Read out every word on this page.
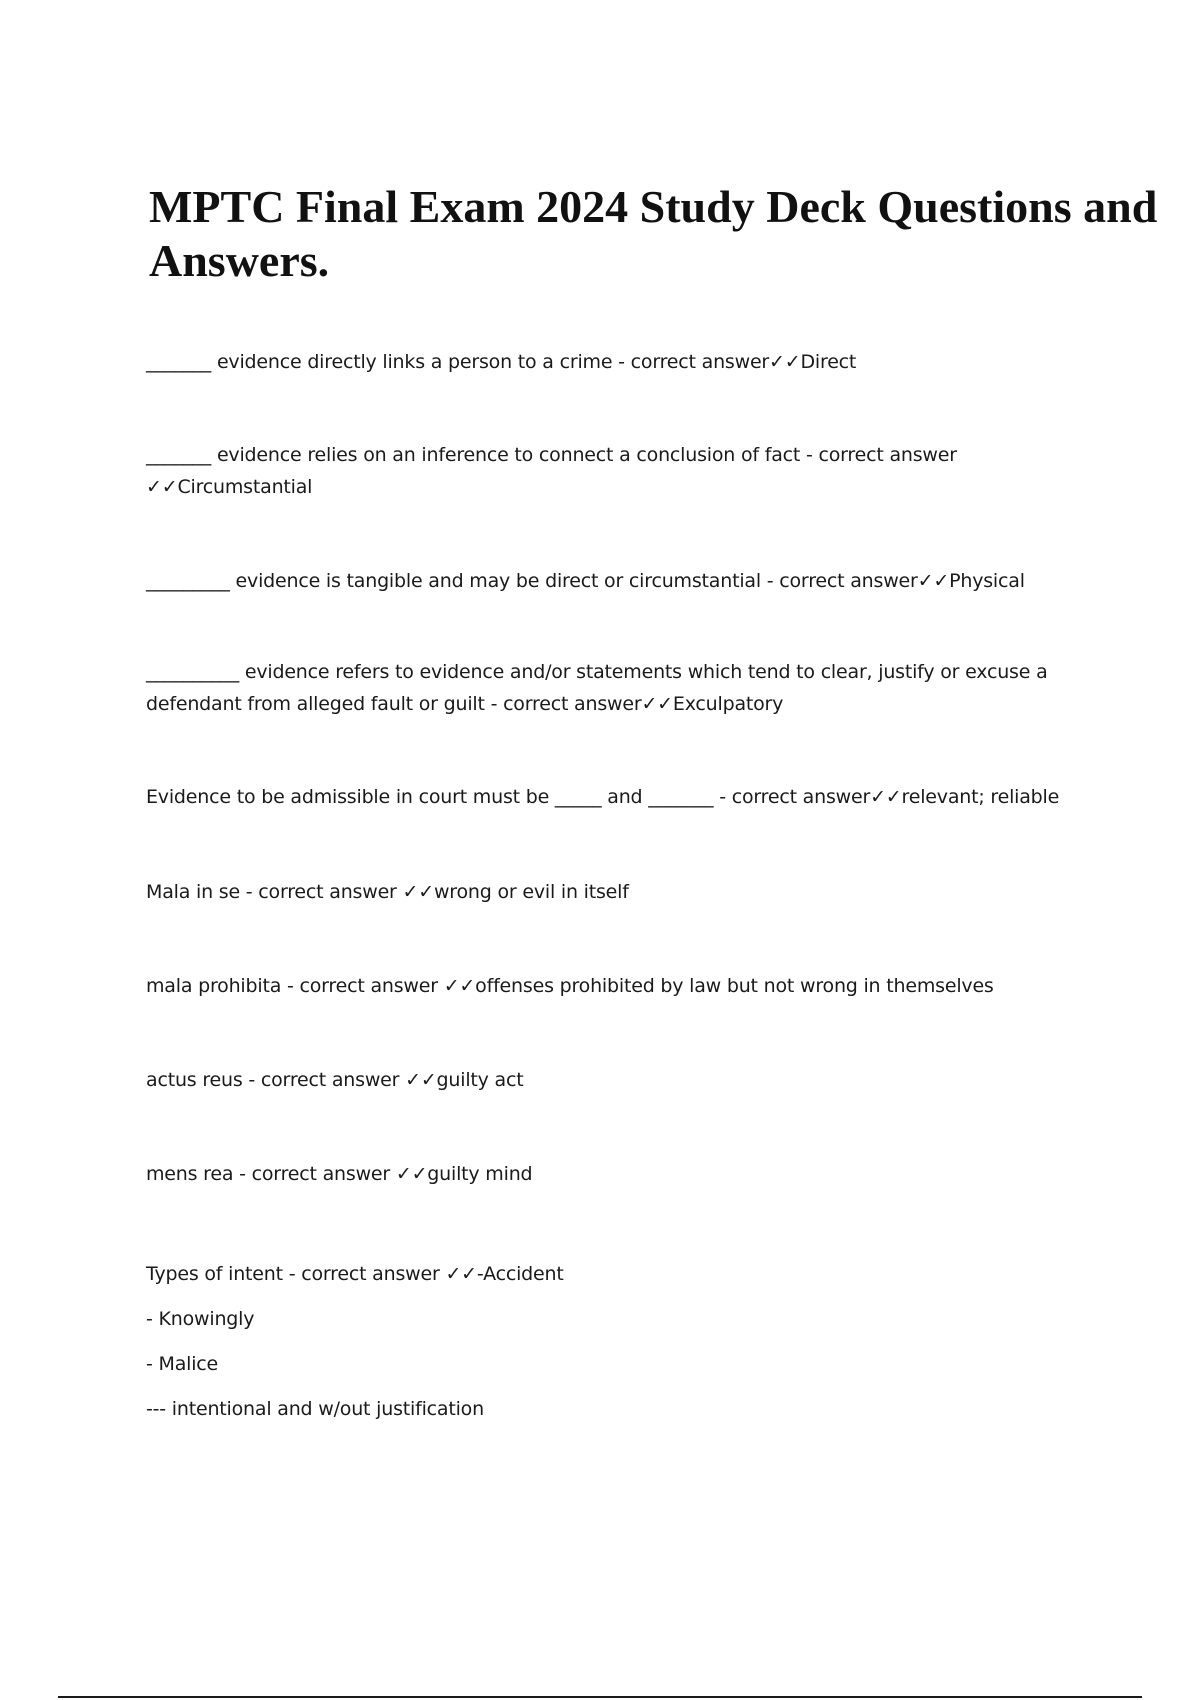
MPTC Final Exam 2024 Study Deck Questions and Answers.
_______ evidence directly links a person to a crime - correct answer✓✓Direct
_______ evidence relies on an inference to connect a conclusion of fact - correct answer
✓✓Circumstantial
_________ evidence is tangible and may be direct or circumstantial - correct answer✓✓Physical
__________ evidence refers to evidence and/or statements which tend to clear, justify or excuse a
defendant from alleged fault or guilt - correct answer✓✓Exculpatory
Evidence to be admissible in court must be _____ and _______ - correct answer✓✓relevant; reliable
Mala in se - correct answer ✓✓wrong or evil in itself
mala prohibita - correct answer ✓✓offenses prohibited by law but not wrong in themselves
actus reus - correct answer ✓✓guilty act
mens rea - correct answer ✓✓guilty mind
Types of intent - correct answer ✓✓-Accident
- Knowingly
- Malice
--- intentional and w/out justification
